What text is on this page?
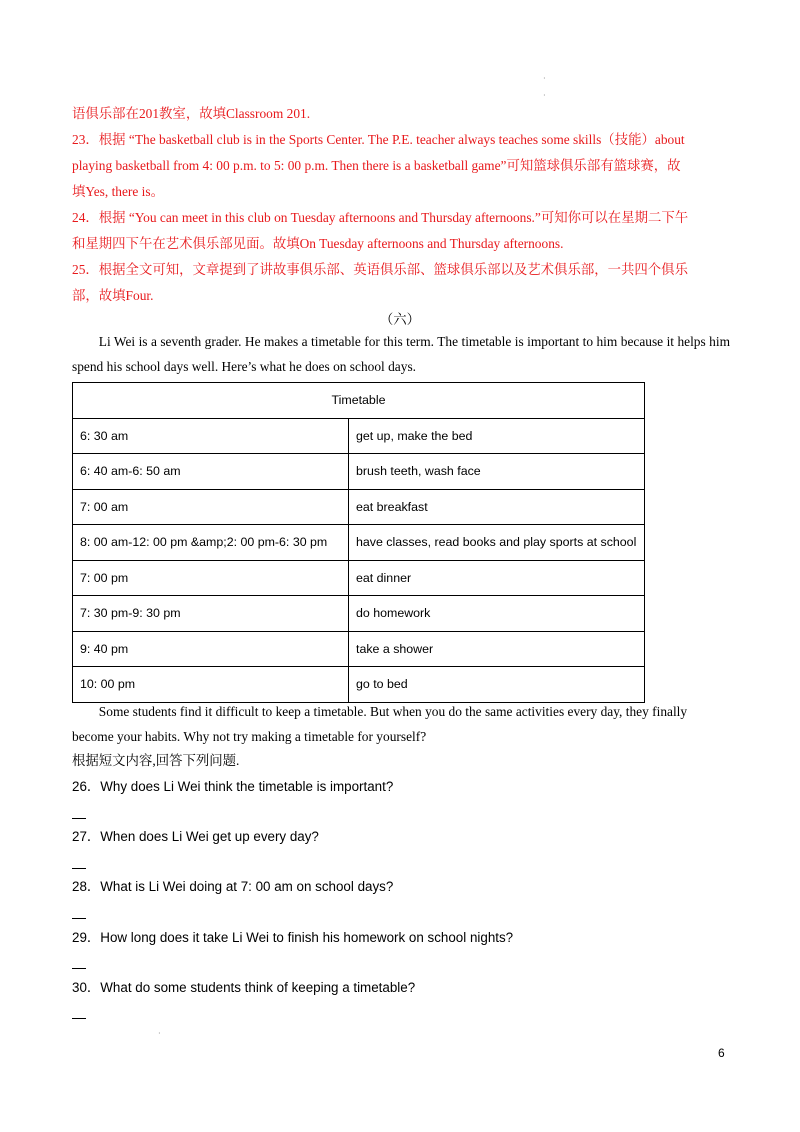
·
·
语俱乐部在201教室，故填Classroom 201.
23．根据 “The basketball club is in the Sports Center. The P.E. teacher always teaches some skills（技能）about
playing basketball from 4: 00 p.m. to 5: 00 p.m. Then there is a basketball game”可知篮球俱乐部有篮球赛，故
填Yes, there is。
24．根据 “You can meet in this club on Tuesday afternoons and Thursday afternoons.”可知你可以在星期二下午
和星期四下午在艺术俱乐部见面。故填On Tuesday afternoons and Thursday afternoons.
25．根据全文可知，文章提到了讲故事俱乐部、英语俱乐部、篮球俱乐部以及艺术俱乐部，一共四个俱乐
部，故填Four.
（六）

Li Wei is a seventh grader. He makes a timetable for this term. The timetable is important to him because it helps him spend his school days well. Here’s what he does on school days.

Timetable	
6: 30 am	get up, make the bed
6: 40 am-6: 50 am	brush teeth, wash face
7: 00 am	eat breakfast
8: 00 am-12: 00 pm &amp;2: 00 pm-6: 30 pm	have classes, read books and play sports at school
7: 00 pm	eat dinner
7: 30 pm-9: 30 pm	do homework
9: 40 pm	take a shower
10: 00 pm	go to bed

Some students find it difficult to keep a timetable. But when you do the same activities every day, they finally become your habits. Why not try making a timetable for yourself?

根据短文内容,回答下列问题.
26．Why does Li Wei think the timetable is important?
27．When does Li Wei get up every day?
28．What is Li Wei doing at 7: 00 am on school days?
29．How long does it take Li Wei to finish his homework on school nights?
30．What do some students think of keeping a timetable?
·
6
